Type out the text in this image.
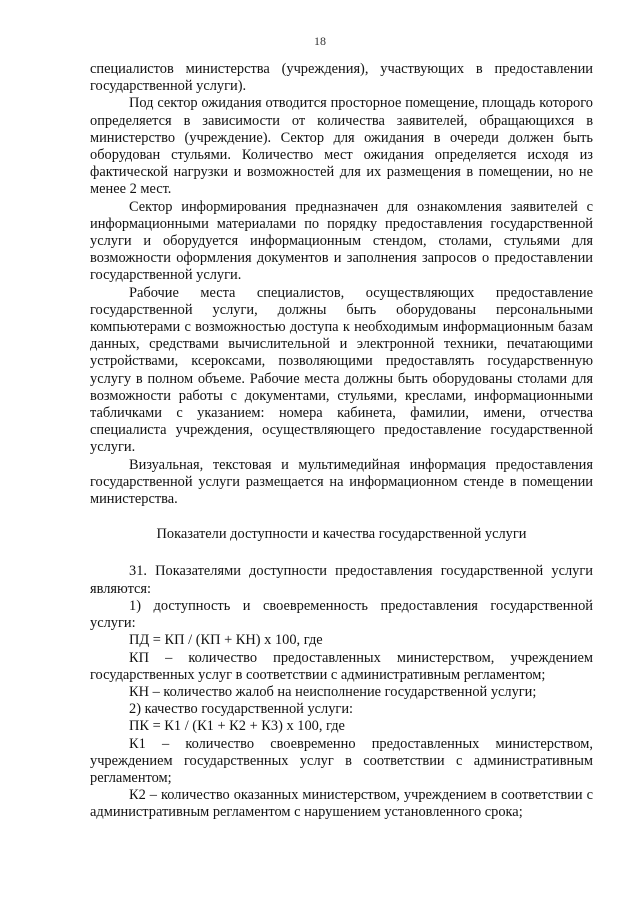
18

специалистов министерства (учреждения), участвующих в предоставлении государственной услуги).

Под сектор ожидания отводится просторное помещение, площадь которого определяется в зависимости от количества заявителей, обращающихся в министерство (учреждение). Сектор для ожидания в очереди должен быть оборудован стульями. Количество мест ожидания определяется исходя из фактической нагрузки и возможностей для их размещения в помещении, но не менее 2 мест.

Сектор информирования предназначен для ознакомления заявителей с информационными материалами по порядку предоставления государственной услуги и оборудуется информационным стендом, столами, стульями для возможности оформления документов и заполнения запросов о предоставлении государственной услуги.

Рабочие места специалистов, осуществляющих предоставление государственной услуги, должны быть оборудованы персональными компьютерами с возможностью доступа к необходимым информационным базам данных, средствами вычислительной и электронной техники, печатающими устройствами, ксероксами, позволяющими предоставлять государственную услугу в полном объеме. Рабочие места должны быть оборудованы столами для возможности работы с документами, стульями, креслами, информационными табличками с указанием: номера кабинета, фамилии, имени, отчества специалиста учреждения, осуществляющего предоставление государственной услуги.

Визуальная, текстовая и мультимедийная информация предоставления государственной услуги размещается на информационном стенде в помещении министерства.

Показатели доступности и качества государственной услуги

31. Показателями доступности предоставления государственной услуги являются:

1) доступность и своевременность предоставления государственной услуги:

ПД = КП / (КП + КН) х 100, где

КП – количество предоставленных министерством, учреждением государственных услуг в соответствии с административным регламентом;

КН – количество жалоб на неисполнение государственной услуги;

2) качество государственной услуги:

ПК = К1 / (К1 + К2 + К3) х 100, где

К1 – количество своевременно предоставленных министерством, учреждением государственных услуг в соответствии с административным регламентом;

К2 – количество оказанных министерством, учреждением в соответствии с административным регламентом с нарушением установленного срока;
